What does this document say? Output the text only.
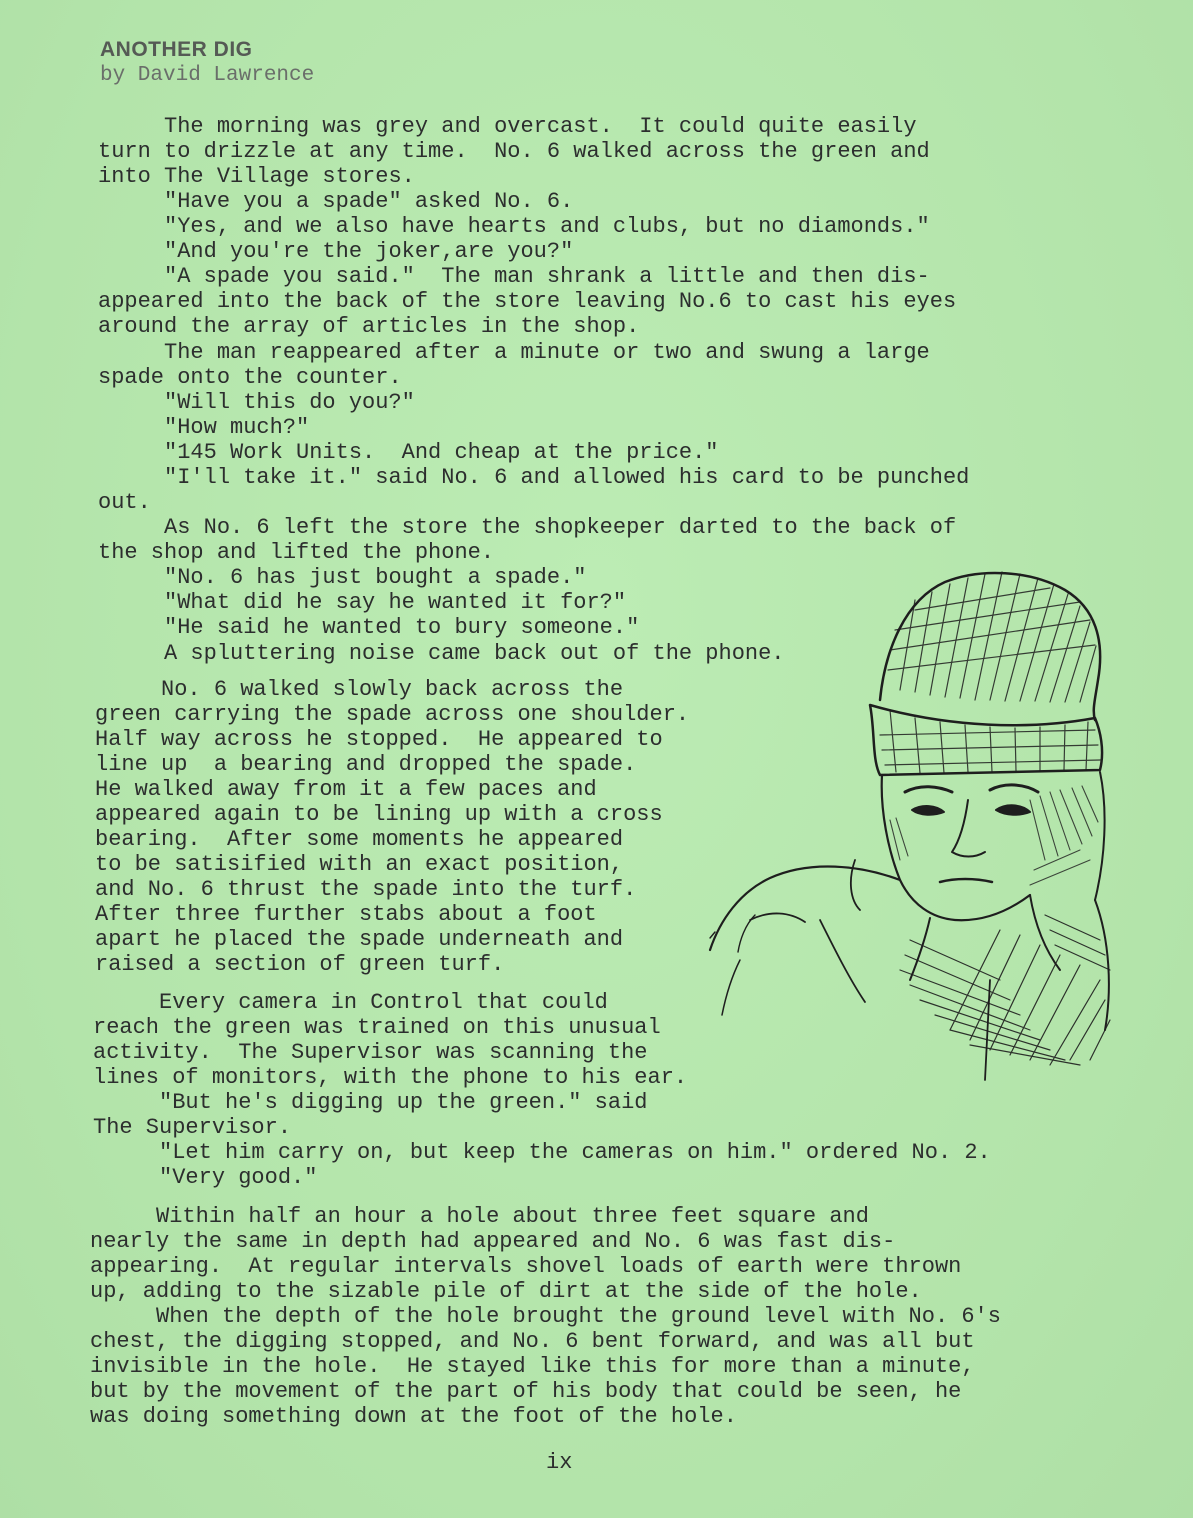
ANOTHER DIG

by David Lawrence

The morning was grey and overcast.  It could quite easily

turn to drizzle at any time.  No. 6 walked across the green and

into The Village stores.

"Have you a spade" asked No. 6.

"Yes, and we also have hearts and clubs, but no diamonds."

"And you're the joker,are you?"

"A spade you said."  The man shrank a little and then dis-

appeared into the back of the store leaving No.6 to cast his eyes

around the array of articles in the shop.

The man reappeared after a minute or two and swung a large

spade onto the counter.

"Will this do you?"

"How much?"

"145 Work Units.  And cheap at the price."

"I'll take it." said No. 6 and allowed his card to be punched

out.

As No. 6 left the store the shopkeeper darted to the back of

the shop and lifted the phone.

"No. 6 has just bought a spade."

"What did he say he wanted it for?"

"He said he wanted to bury someone."

A spluttering noise came back out of the phone.

No. 6 walked slowly back across the

green carrying the spade across one shoulder.

Half way across he stopped.  He appeared to

line up  a bearing and dropped the spade.

He walked away from it a few paces and

appeared again to be lining up with a cross

bearing.  After some moments he appeared

to be satisified with an exact position,

and No. 6 thrust the spade into the turf.

After three further stabs about a foot

apart he placed the spade underneath and

raised a section of green turf.

Every camera in Control that could

reach the green was trained on this unusual

activity.  The Supervisor was scanning the

lines of monitors, with the phone to his ear.

"But he's digging up the green." said

The Supervisor.

"Let him carry on, but keep the cameras on him." ordered No. 2.

"Very good."

Within half an hour a hole about three feet square and

nearly the same in depth had appeared and No. 6 was fast dis-

appearing.  At regular intervals shovel loads of earth were thrown

up, adding to the sizable pile of dirt at the side of the hole.

When the depth of the hole brought the ground level with No. 6's

chest, the digging stopped, and No. 6 bent forward, and was all but

invisible in the hole.  He stayed like this for more than a minute,

but by the movement of the part of his body that could be seen, he

was doing something down at the foot of the hole.

ix
